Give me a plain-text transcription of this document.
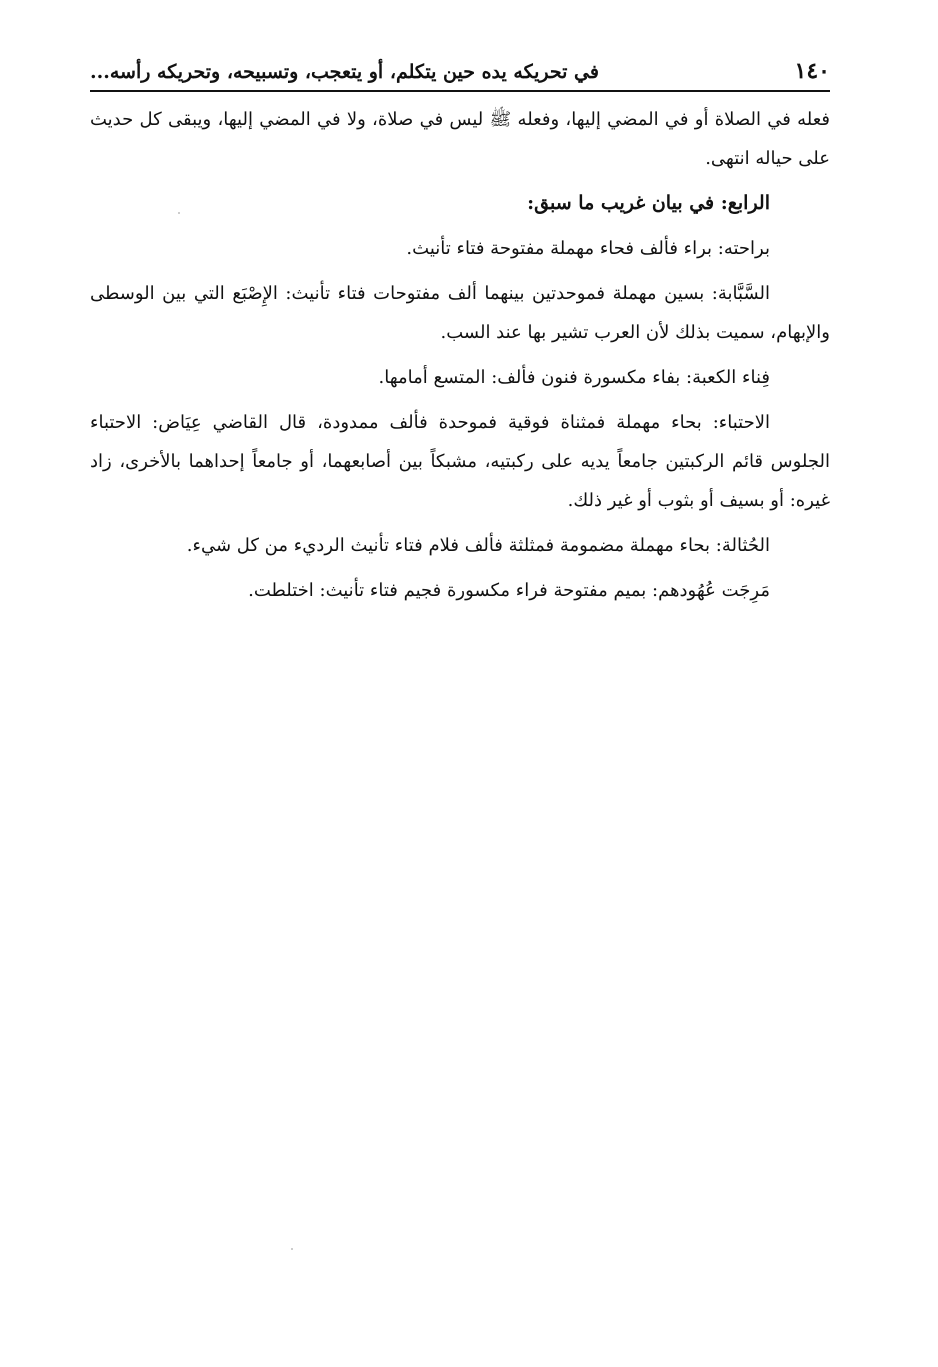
١٤٠
في تحريكه يده حين يتكلم، أو يتعجب، وتسبيحه، وتحريكه رأسه...

فعله في الصلاة أو في المضي إليها، وفعله ﷺ ليس في صلاة، ولا في المضي إليها، ويبقى كل حديث على حياله انتهى.

الرابع: في بيان غريب ما سبق:

براحته: براء فألف فحاء مهملة مفتوحة فتاء تأنيث.

السَّبَّابة: بسين مهملة فموحدتين بينهما ألف مفتوحات فتاء تأنيث: الإِصْبَع التي بين الوسطى والإبهام، سميت بذلك لأن العرب تشير بها عند السب.

فِناء الكعبة: بفاء مكسورة فنون فألف: المتسع أمامها.

الاحتباء: بحاء مهملة فمثناة فوقية فموحدة فألف ممدودة، قال القاضي عِيَاض: الاحتباء الجلوس قائم الركبتين جامعاً يديه على ركبتيه، مشبكاً بين أصابعهما، أو جامعاً إحداهما بالأخرى، زاد غيره: أو بسيف أو بثوب أو غير ذلك.

الحُثالة: بحاء مهملة مضمومة فمثلثة فألف فلام فتاء تأنيث الرديء من كل شيء.

مَرِجَت عُهُودهم: بميم مفتوحة فراء مكسورة فجيم فتاء تأنيث: اختلطت.
